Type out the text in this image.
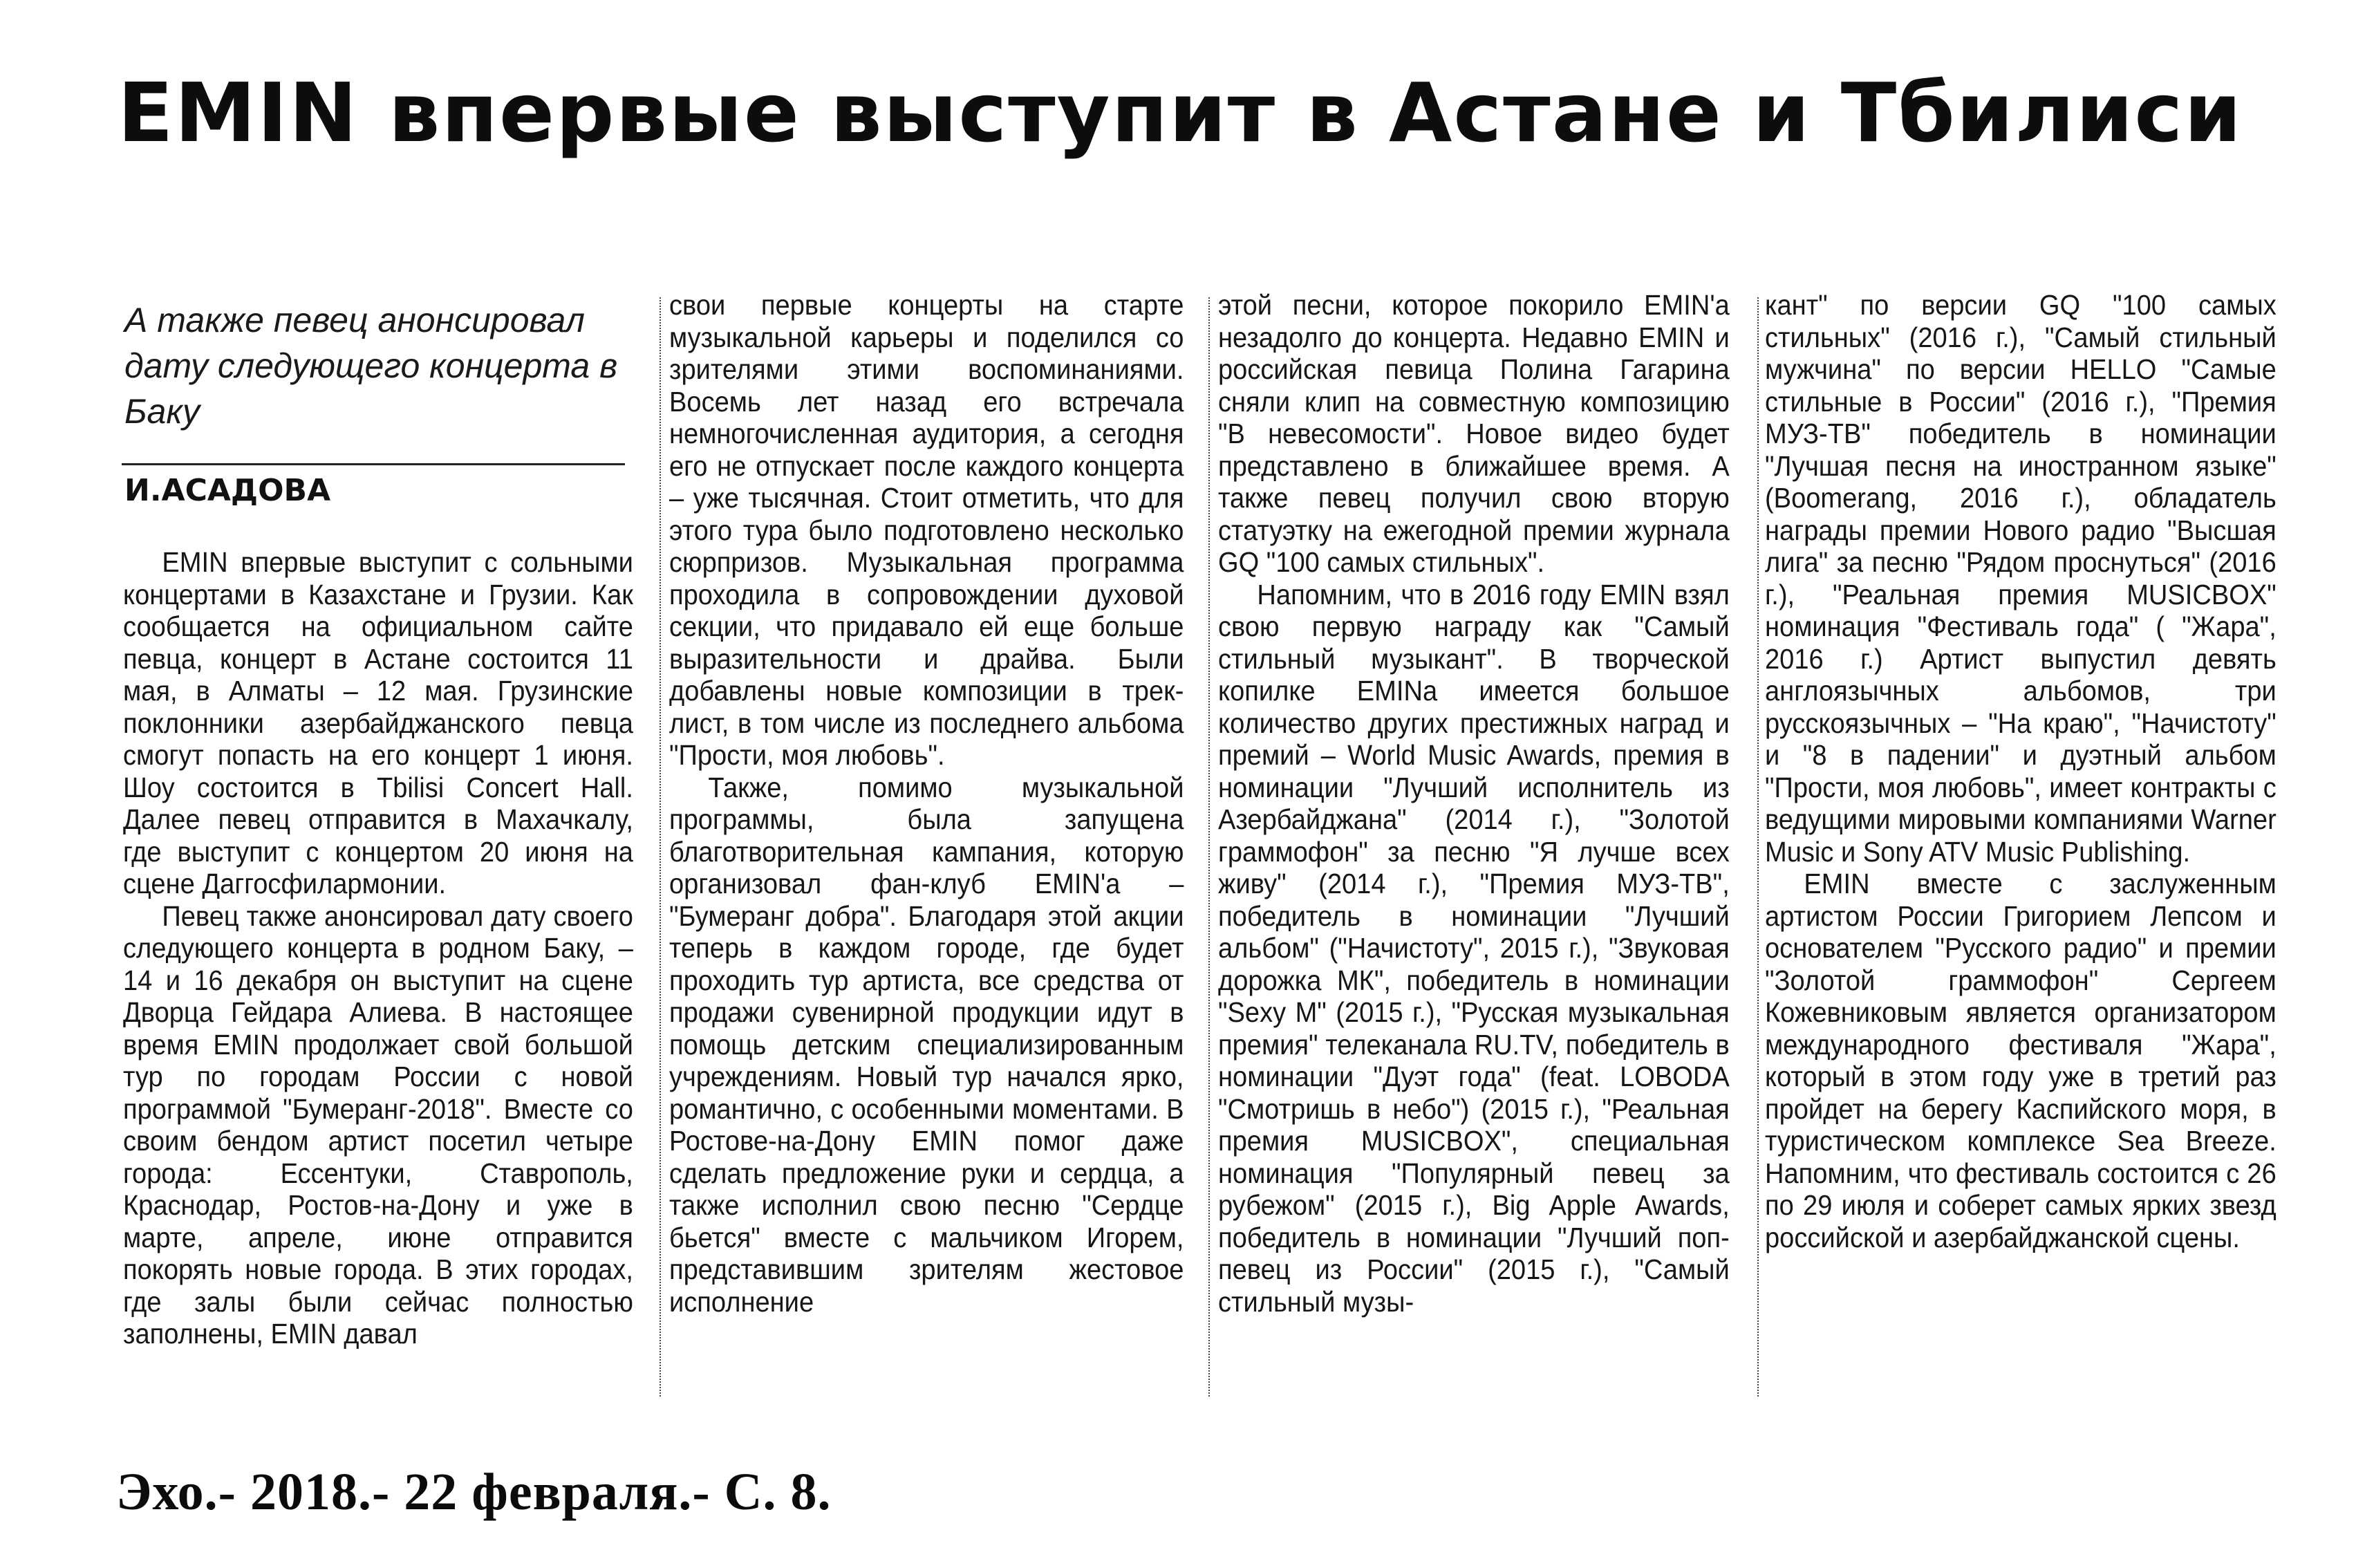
EMIN впервые выступит в Астане и Тбилиси
А также певец анонсировал дату следующего концерта в Баку
И.АСАДОВА

EMIN впервые выступит с сольными концертами в Казахстане и Грузии. Как сообщается на официальном сайте певца, концерт в Астане состоится 11 мая, в Алматы – 12 мая. Грузинские поклонники азербайджанского певца смогут попасть на его концерт 1 июня. Шоу состоится в Tbilisi Concert Hall. Далее певец отправится в Махачкалу, где выступит с концертом 20 июня на сцене Даггосфилармонии.

Певец также анонсировал дату своего следующего концерта в родном Баку, – 14 и 16 декабря он выступит на сцене Дворца Гейдара Алиева. В настоящее время EMIN продолжает свой большой тур по городам России с новой программой "Бумеранг-2018". Вместе со своим бендом артист посетил четыре города: Ессентуки, Ставрополь, Краснодар, Ростов-на-Дону и уже в марте, апреле, июне отправится покорять новые города. В этих городах, где залы были сейчас полностью заполнены, EMIN давал

свои первые концерты на старте музыкальной карьеры и поделился со зрителями этими воспоминаниями. Восемь лет назад его встречала немногочисленная аудитория, а сегодня его не отпускает после каждого концерта – уже тысячная. Стоит отметить, что для этого тура было подготовлено несколько сюрпризов. Музыкальная программа проходила в сопровождении духовой секции, что придавало ей еще больше выразительности и драйва. Были добавлены новые композиции в трек-лист, в том числе из последнего альбома "Прости, моя любовь".

Также, помимо музыкальной программы, была запущена благотворительная кампания, которую организовал фан-клуб EMIN'а – "Бумеранг добра". Благодаря этой акции теперь в каждом городе, где будет проходить тур артиста, все средства от продажи сувенирной продукции идут в помощь детским специализированным учреждениям. Новый тур начался ярко, романтично, с особенными моментами. В Ростове-на-Дону EMIN помог даже сделать предложение руки и сердца, а также исполнил свою песню "Сердце бьется" вместе с мальчиком Игорем, представившим зрителям жестовое исполнение

этой песни, которое покорило EMIN'а незадолго до концерта. Недавно EMIN и российская певица Полина Гагарина сняли клип на совместную композицию "В невесомости". Новое видео будет представлено в ближайшее время. А также певец получил свою вторую статуэтку на ежегодной премии журнала GQ "100 самых стильных".

Напомним, что в 2016 году EMIN взял свою первую награду как "Самый стильный музыкант". В творческой копилке EMINа имеется большое количество других престижных наград и премий – World Music Awards, премия в номинации "Лучший исполнитель из Азербайджана" (2014 г.), "Золотой граммофон" за песню "Я лучше всех живу" (2014 г.), "Премия МУЗ-ТВ", победитель в номинации "Лучший альбом" ("Начистоту", 2015 г.), "Звуковая дорожка МК", победитель в номинации "Sexy M" (2015 г.), "Русская музыкальная премия" телеканала RU.TV, победитель в номинации "Дуэт года" (feat. LOBODA "Смотришь в небо") (2015 г.), "Реальная премия MUSICBOX", специальная номинация "Популярный певец за рубежом" (2015 г.), Big Apple Awards, победитель в номинации "Лучший поп-певец из России" (2015 г.), "Самый стильный музы-

кант" по версии GQ "100 самых стильных" (2016 г.), "Самый стильный мужчина" по версии HELLO "Самые стильные в России" (2016 г.), "Премия МУЗ-ТВ" победитель в номинации "Лучшая песня на иностранном языке" (Boomerang, 2016 г.), обладатель награды премии Нового радио "Высшая лига" за песню "Рядом проснуться" (2016 г.), "Реальная премия MUSICBOX" номинация "Фестиваль года" ( "Жара", 2016 г.) Артист выпустил девять англоязычных альбомов, три русскоязычных – "На краю", "Начистоту" и "8 в падении" и дуэтный альбом "Прости, моя любовь", имеет контракты с ведущими мировыми компаниями Warner Music и Sony ATV Music Publishing.

EMIN вместе с заслуженным артистом России Григорием Лепсом и основателем "Русского радио" и премии "Золотой граммофон" Сергеем Кожевниковым является организатором международного фестиваля "Жара", который в этом году уже в третий раз пройдет на берегу Каспийского моря, в туристическом комплексе Sea Breeze. Напомним, что фестиваль состоится с 26 по 29 июля и соберет самых ярких звезд российской и азербайджанской сцены.

Эхо.- 2018.- 22 февраля.- С. 8.
